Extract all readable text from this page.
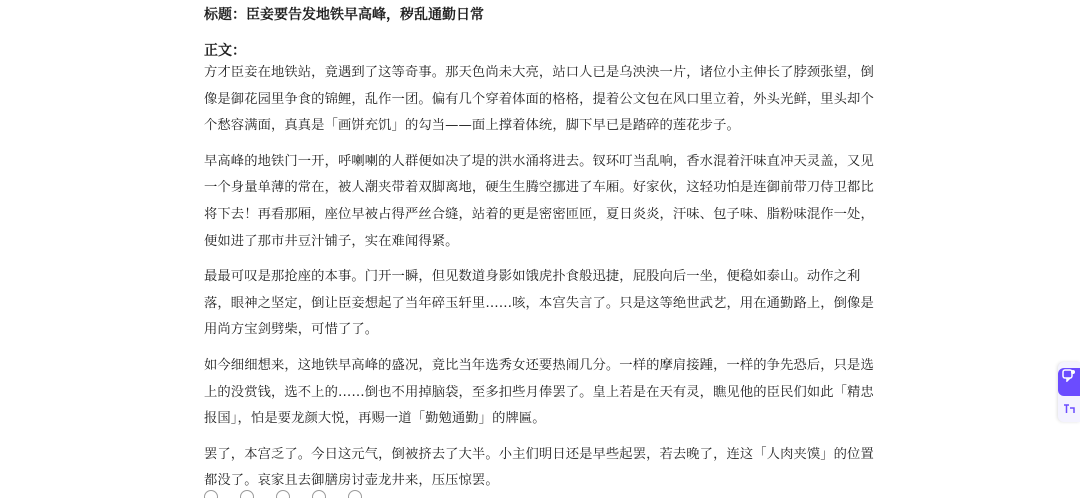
标题：臣妾要告发地铁早高峰，秽乱通勤日常
正文：

方才臣妾在地铁站，竟遇到了这等奇事。那天色尚未大亮，站口人已是乌泱泱一片，诸位小主伸长了脖颈张望，倒像是御花园里争食的锦鲤，乱作一团。偏有几个穿着体面的格格，提着公文包在风口里立着，外头光鲜，里头却个个愁容满面，真真是「画饼充饥」的勾当——面上撑着体统，脚下早已是踏碎的莲花步子。

早高峰的地铁门一开，呼喇喇的人群便如决了堤的洪水涌将进去。钗环叮当乱响，香水混着汗味直冲天灵盖，又见一个身量单薄的常在，被人潮夹带着双脚离地，硬生生腾空挪进了车厢。好家伙，这轻功怕是连御前带刀侍卫都比将下去！再看那厢，座位早被占得严丝合缝，站着的更是密密匝匝，夏日炎炎，汗味、包子味、脂粉味混作一处，便如进了那市井豆汁铺子，实在难闻得紧。

最最可叹是那抢座的本事。门开一瞬，但见数道身影如饿虎扑食般迅捷，屁股向后一坐，便稳如泰山。动作之利落，眼神之坚定，倒让臣妾想起了当年碎玉轩里……咳，本宫失言了。只是这等绝世武艺，用在通勤路上，倒像是用尚方宝剑劈柴，可惜了了。

如今细细想来，这地铁早高峰的盛况，竟比当年选秀女还要热闹几分。一样的摩肩接踵，一样的争先恐后，只是选上的没赏钱，选不上的……倒也不用掉脑袋，至多扣些月俸罢了。皇上若是在天有灵，瞧见他的臣民们如此「精忠报国」，怕是要龙颜大悦，再赐一道「勤勉通勤」的牌匾。

罢了，本宫乏了。今日这元气，倒被挤去了大半。小主们明日还是早些起罢，若去晚了，连这「人肉夹馍」的位置都没了。哀家且去御膳房讨壶龙井来，压压惊罢。
